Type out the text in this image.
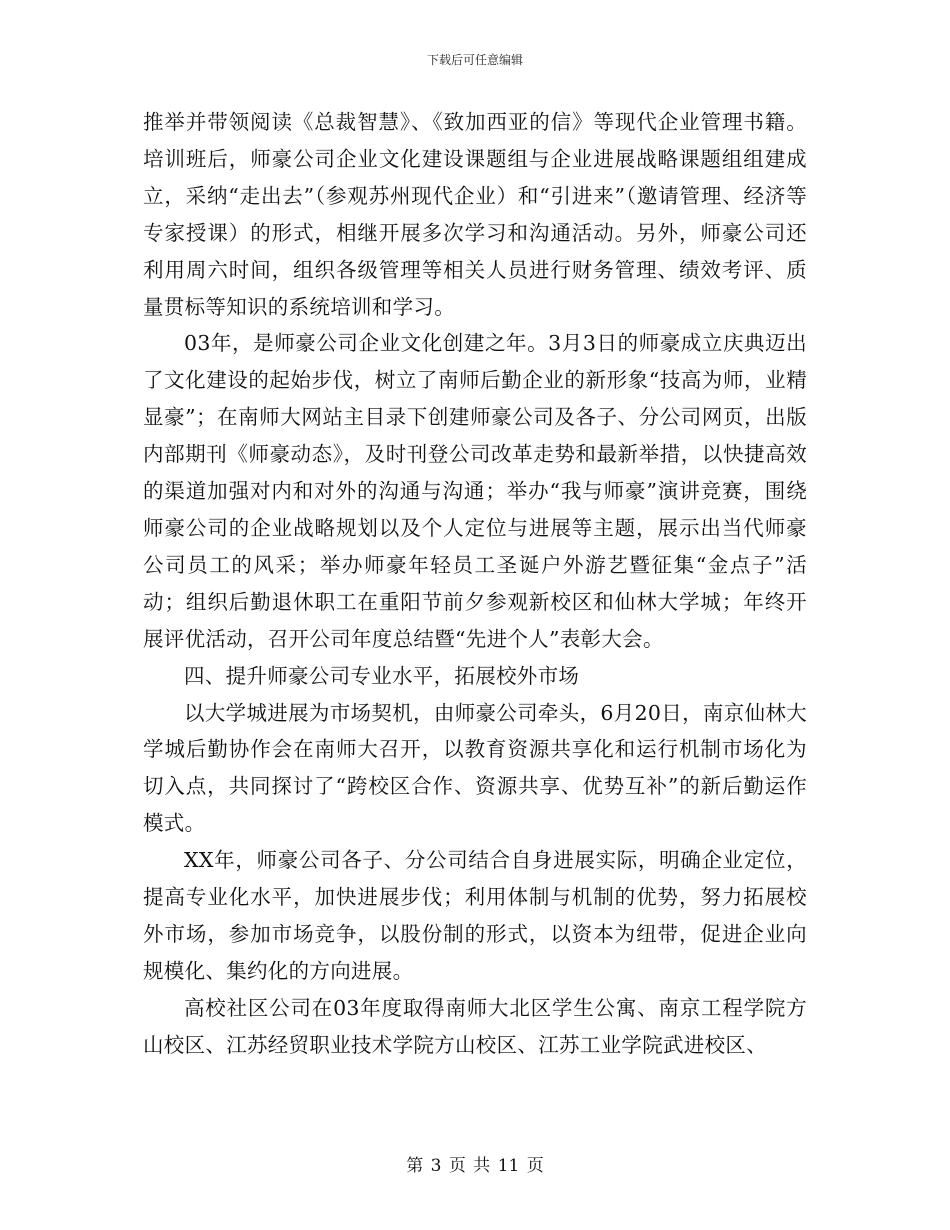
下载后可任意编辑

推举并带领阅读《总裁智慧》、《致加西亚的信》等现代企业管理书籍。培训班后，师豪公司企业文化建设课题组与企业进展战略课题组组建成立，采纳“走出去”（参观苏州现代企业）和“引进来”（邀请管理、经济等专家授课）的形式，相继开展多次学习和沟通活动。另外，师豪公司还利用周六时间，组织各级管理等相关人员进行财务管理、绩效考评、质量贯标等知识的系统培训和学习。

03年，是师豪公司企业文化创建之年。3月3日的师豪成立庆典迈出了文化建设的起始步伐，树立了南师后勤企业的新形象“技高为师，业精显豪”；在南师大网站主目录下创建师豪公司及各子、分公司网页，出版内部期刊《师豪动态》，及时刊登公司改革走势和最新举措，以快捷高效的渠道加强对内和对外的沟通与沟通；举办“我与师豪”演讲竞赛，围绕师豪公司的企业战略规划以及个人定位与进展等主题，展示出当代师豪公司员工的风采；举办师豪年轻员工圣诞户外游艺暨征集“金点子”活动；组织后勤退休职工在重阳节前夕参观新校区和仙林大学城；年终开展评优活动，召开公司年度总结暨“先进个人”表彰大会。

四、提升师豪公司专业水平，拓展校外市场

以大学城进展为市场契机，由师豪公司牵头，6月20日，南京仙林大学城后勤协作会在南师大召开，以教育资源共享化和运行机制市场化为切入点，共同探讨了“跨校区合作、资源共享、优势互补”的新后勤运作模式。

XX年，师豪公司各子、分公司结合自身进展实际，明确企业定位，提高专业化水平，加快进展步伐；利用体制与机制的优势，努力拓展校外市场，参加市场竞争，以股份制的形式，以资本为纽带，促进企业向规模化、集约化的方向进展。

高校社区公司在03年度取得南师大北区学生公寓、南京工程学院方山校区、江苏经贸职业技术学院方山校区、江苏工业学院武进校区、

第 3 页 共 11 页
